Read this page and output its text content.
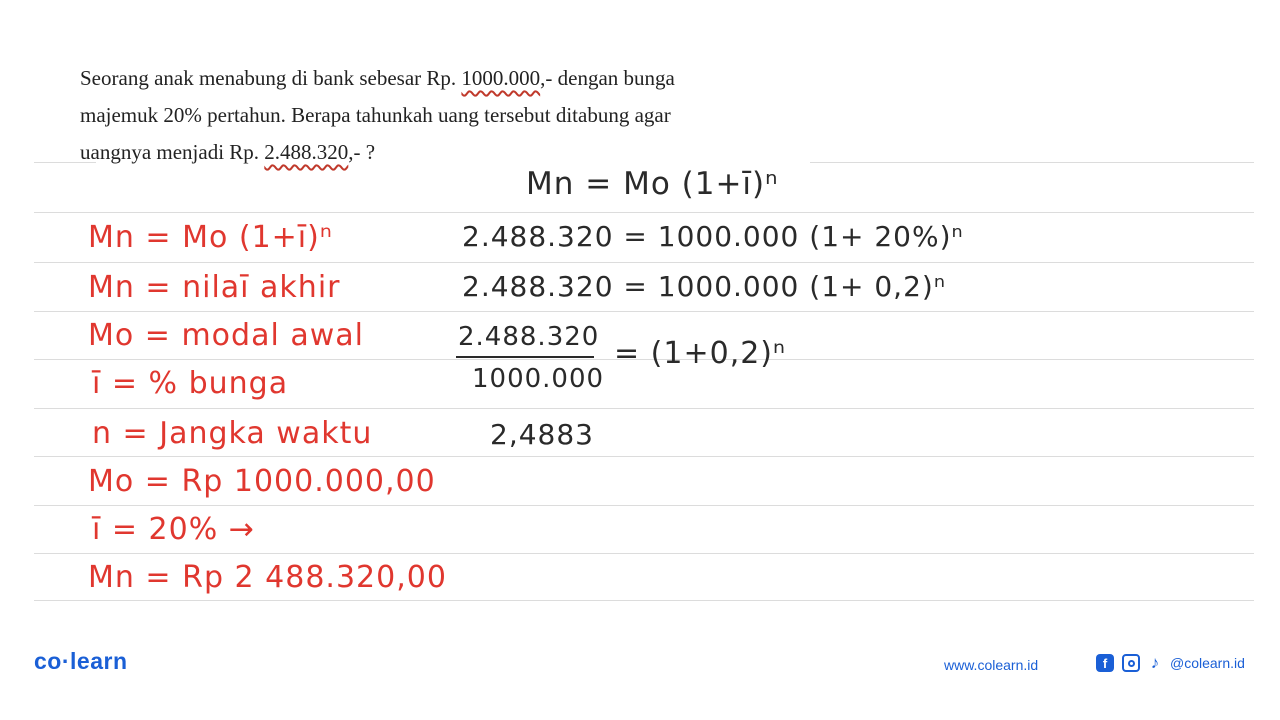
Seorang anak menabung di bank sebesar Rp. 1000.000,- dengan bunga
majemuk 20% pertahun. Berapa tahunkah uang tersebut ditabung agar
uangnya menjadi Rp. 2.488.320,- ?
Mn = Mo (1+ī)ⁿ
Mn = nilaī akhir
Mo = modal awal
ī = % bunga
n = Jangka waktu
Mo = Rp 1000.000,00
ī = 20% →
Mn = Rp 2 488.320,00
Mn = Mo (1+ī)ⁿ
2.488.320 = 1000.000 (1+ 20%)ⁿ
2.488.320 = 1000.000 (1+ 0,2)ⁿ
2.488.320
1000.000
= (1+0,2)ⁿ
2,4883
co·learn	www.colearn.id	f	♪ @colearn.id
